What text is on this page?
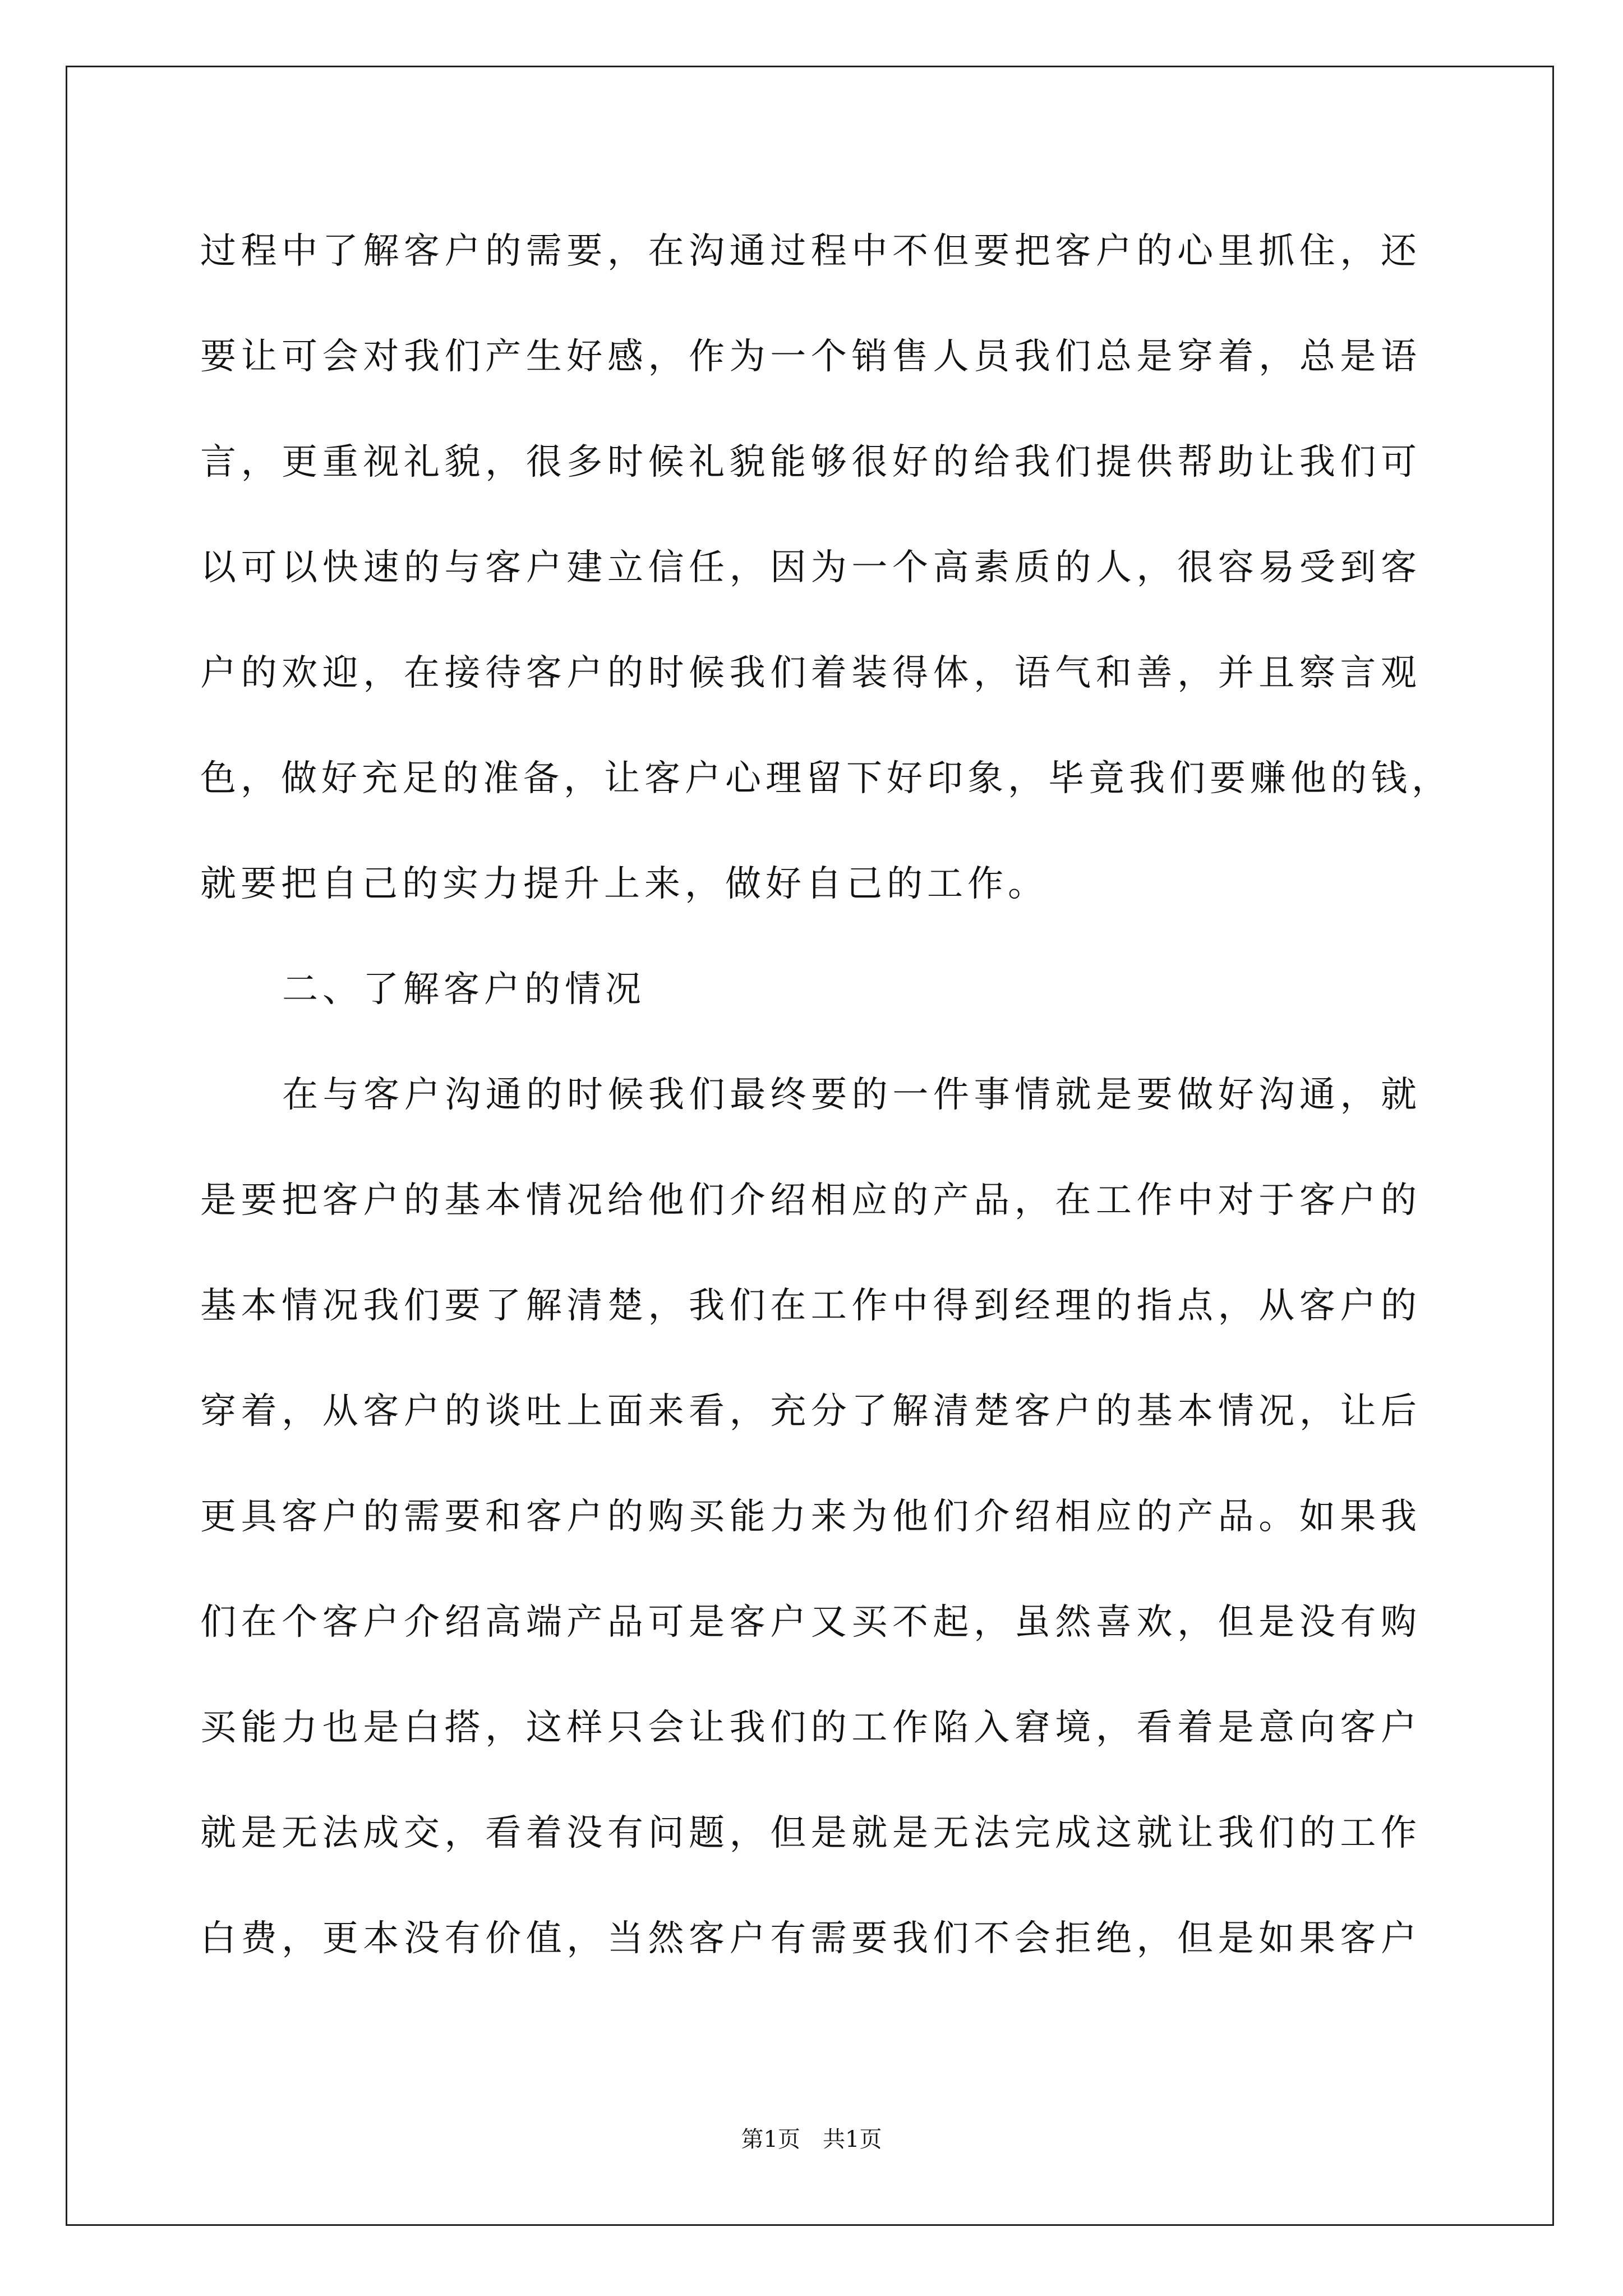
过程中了解客户的需要，在沟通过程中不但要把客户的心里抓住，还
要让可会对我们产生好感，作为一个销售人员我们总是穿着，总是语
言，更重视礼貌，很多时候礼貌能够很好的给我们提供帮助让我们可
以可以快速的与客户建立信任，因为一个高素质的人，很容易受到客
户的欢迎，在接待客户的时候我们着装得体，语气和善，并且察言观
色，做好充足的准备，让客户心理留下好印象，毕竟我们要赚他的钱，
就要把自己的实力提升上来，做好自己的工作。
二、了解客户的情况
在与客户沟通的时候我们最终要的一件事情就是要做好沟通，就
是要把客户的基本情况给他们介绍相应的产品，在工作中对于客户的
基本情况我们要了解清楚，我们在工作中得到经理的指点，从客户的
穿着，从客户的谈吐上面来看，充分了解清楚客户的基本情况，让后
更具客户的需要和客户的购买能力来为他们介绍相应的产品。如果我
们在个客户介绍高端产品可是客户又买不起，虽然喜欢，但是没有购
买能力也是白搭，这样只会让我们的工作陷入窘境，看着是意向客户
就是无法成交，看着没有问题，但是就是无法完成这就让我们的工作
白费，更本没有价值，当然客户有需要我们不会拒绝，但是如果客户
第1页　共1页
